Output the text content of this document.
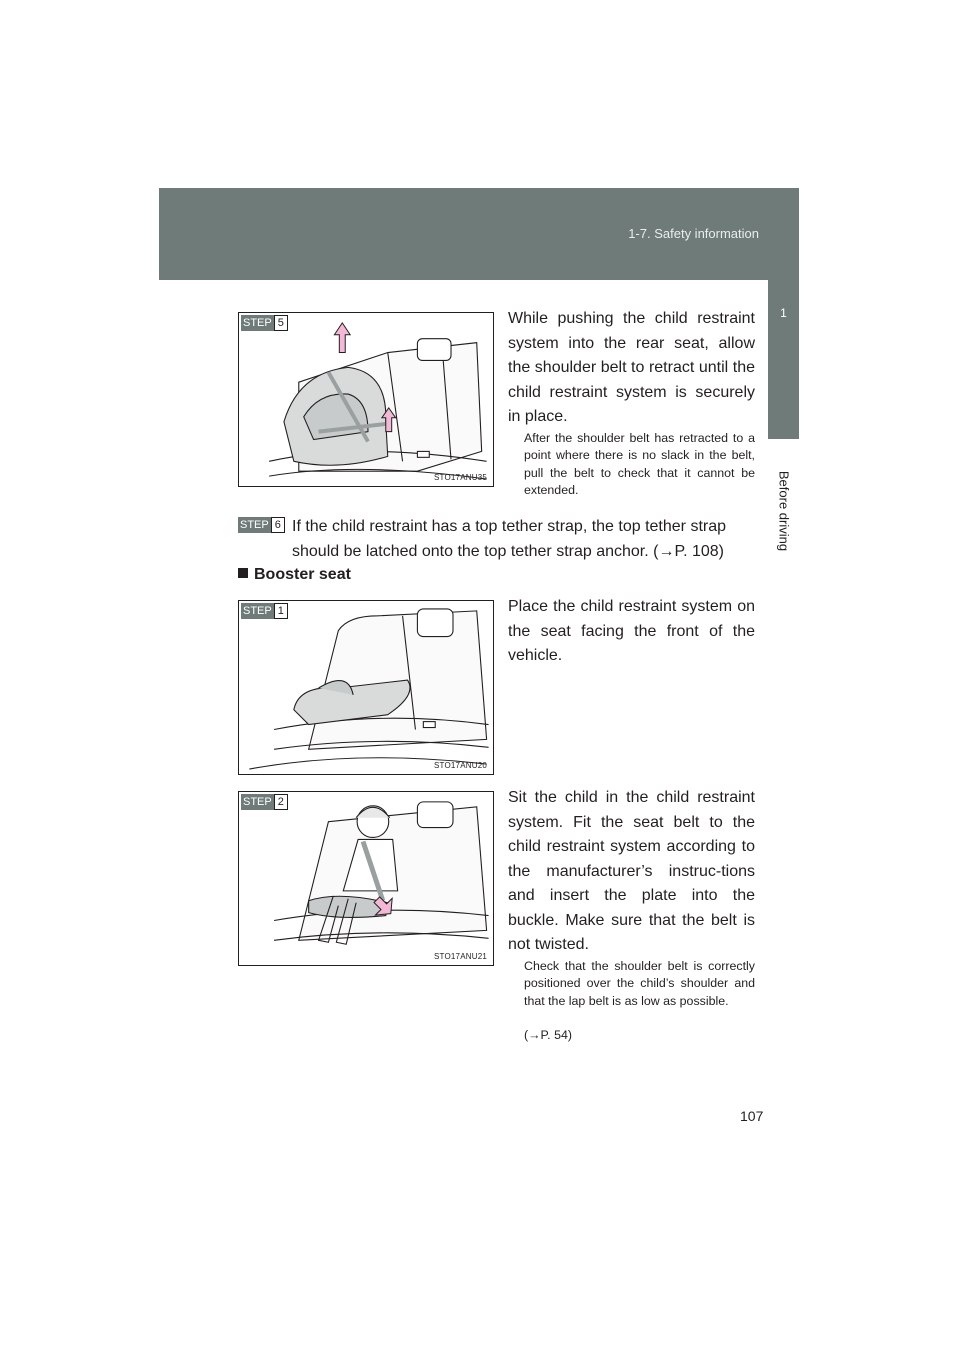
1-7. Safety information
1
Before driving
STEP 5
STO17ANU35
While pushing the child restraint system into the rear seat, allow the shoulder belt to retract until the child restraint system is securely in place.
After the shoulder belt has retracted to a point where there is no slack in the belt, pull the belt to check that it cannot be extended.
STEP 6 If the child restraint has a top tether strap, the top tether strap
should be latched onto the top tether strap anchor. (→P. 108)
Booster seat
STEP 1
STO17ANU20
Place the child restraint system on the seat facing the front of the vehicle.
STEP 2
STO17ANU21
Sit the child in the child restraint system. Fit the seat belt to the child restraint system according to the manufacturer’s instruc-tions and insert the plate into the buckle. Make sure that the belt is not twisted.
Check that the shoulder belt is correctly positioned over the child’s shoulder and that the lap belt is as low as possible.
(→P. 54)
107
